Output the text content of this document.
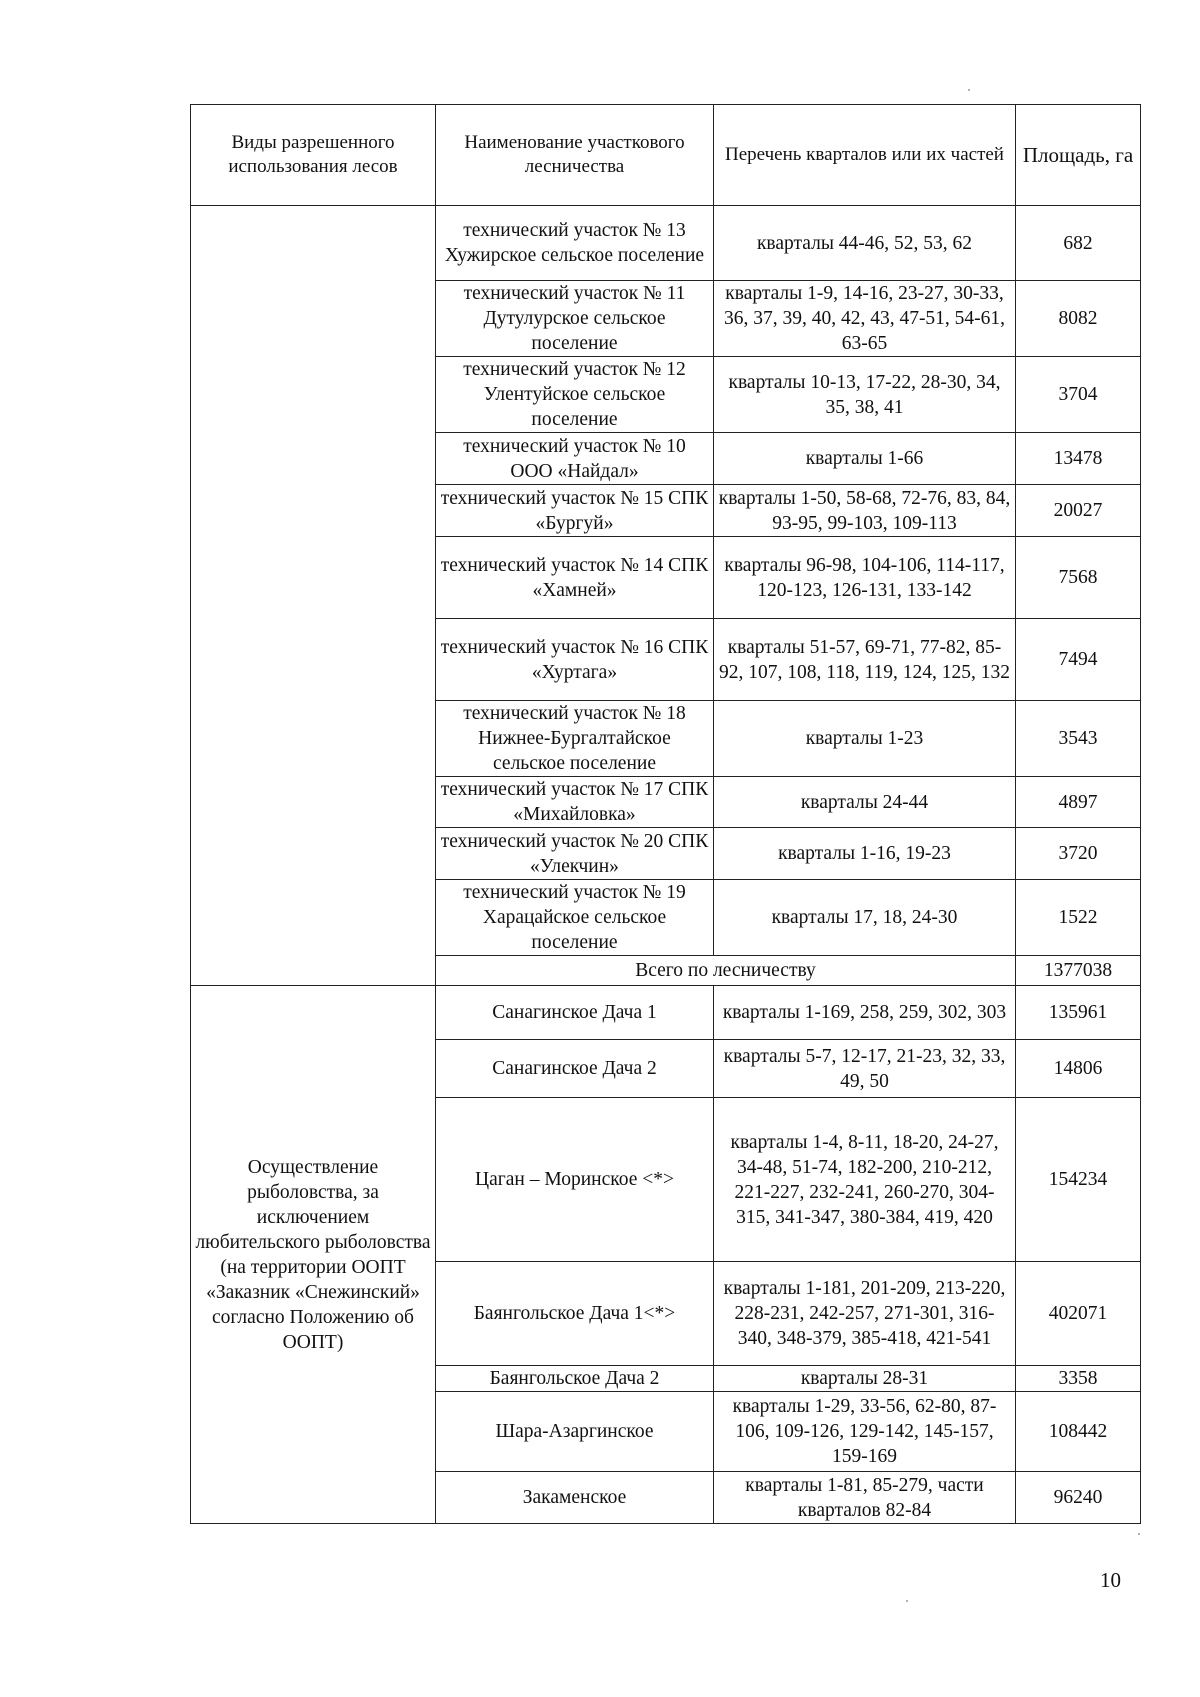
Виды разрешенного использования лесов	Наименование участкового лесничества	Перечень кварталов или их частей	Площадь, га
	технический участок № 13 Хужирское сельское поселение	кварталы 44-46, 52, 53, 62	682
	технический участок № 11 Дутулурское сельское поселение	кварталы 1-9, 14-16, 23-27, 30-33, 36, 37, 39, 40, 42, 43, 47-51, 54-61, 63-65	8082
	технический участок № 12 Улентуйское сельское поселение	кварталы 10-13, 17-22, 28-30, 34, 35, 38, 41	3704
	технический участок № 10 ООО «Найдал»	кварталы 1-66	13478
	технический участок № 15 СПК «Бургуй»	кварталы 1-50, 58-68, 72-76, 83, 84, 93-95, 99-103, 109-113	20027
	технический участок № 14 СПК «Хамней»	кварталы 96-98, 104-106, 114-117, 120-123, 126-131, 133-142	7568
	технический участок № 16 СПК «Хуртага»	кварталы 51-57, 69-71, 77-82, 85-92, 107, 108, 118, 119, 124, 125, 132	7494
	технический участок № 18 Нижнее-Бургалтайское сельское поселение	кварталы 1-23	3543
	технический участок № 17 СПК «Михайловка»	кварталы 24-44	4897
	технический участок № 20 СПК «Улекчин»	кварталы 1-16, 19-23	3720
	технический участок № 19 Харацайское сельское поселение	кварталы 17, 18, 24-30	1522
	Всего по лесничеству		1377038
Осуществление рыболовства, за исключением любительского рыболовства (на территории ООПТ «Заказник «Снежинский» согласно Положению об ООПТ)	Санагинское Дача 1	кварталы 1-169, 258, 259, 302, 303	135961
	Санагинское Дача 2	кварталы 5-7, 12-17, 21-23, 32, 33, 49, 50	14806
	Цаган – Моринское <*>	кварталы 1-4, 8-11, 18-20, 24-27, 34-48, 51-74, 182-200, 210-212, 221-227, 232-241, 260-270, 304-315, 341-347, 380-384, 419, 420	154234
	Баянгольское Дача 1<*>	кварталы 1-181, 201-209, 213-220, 228-231, 242-257, 271-301, 316-340, 348-379, 385-418, 421-541	402071
	Баянгольское Дача 2	кварталы 28-31	3358
	Шара-Азаргинское	кварталы 1-29, 33-56, 62-80, 87-106, 109-126, 129-142, 145-157, 159-169	108442
	Закаменское	кварталы 1-81, 85-279, части кварталов 82-84	96240
10
